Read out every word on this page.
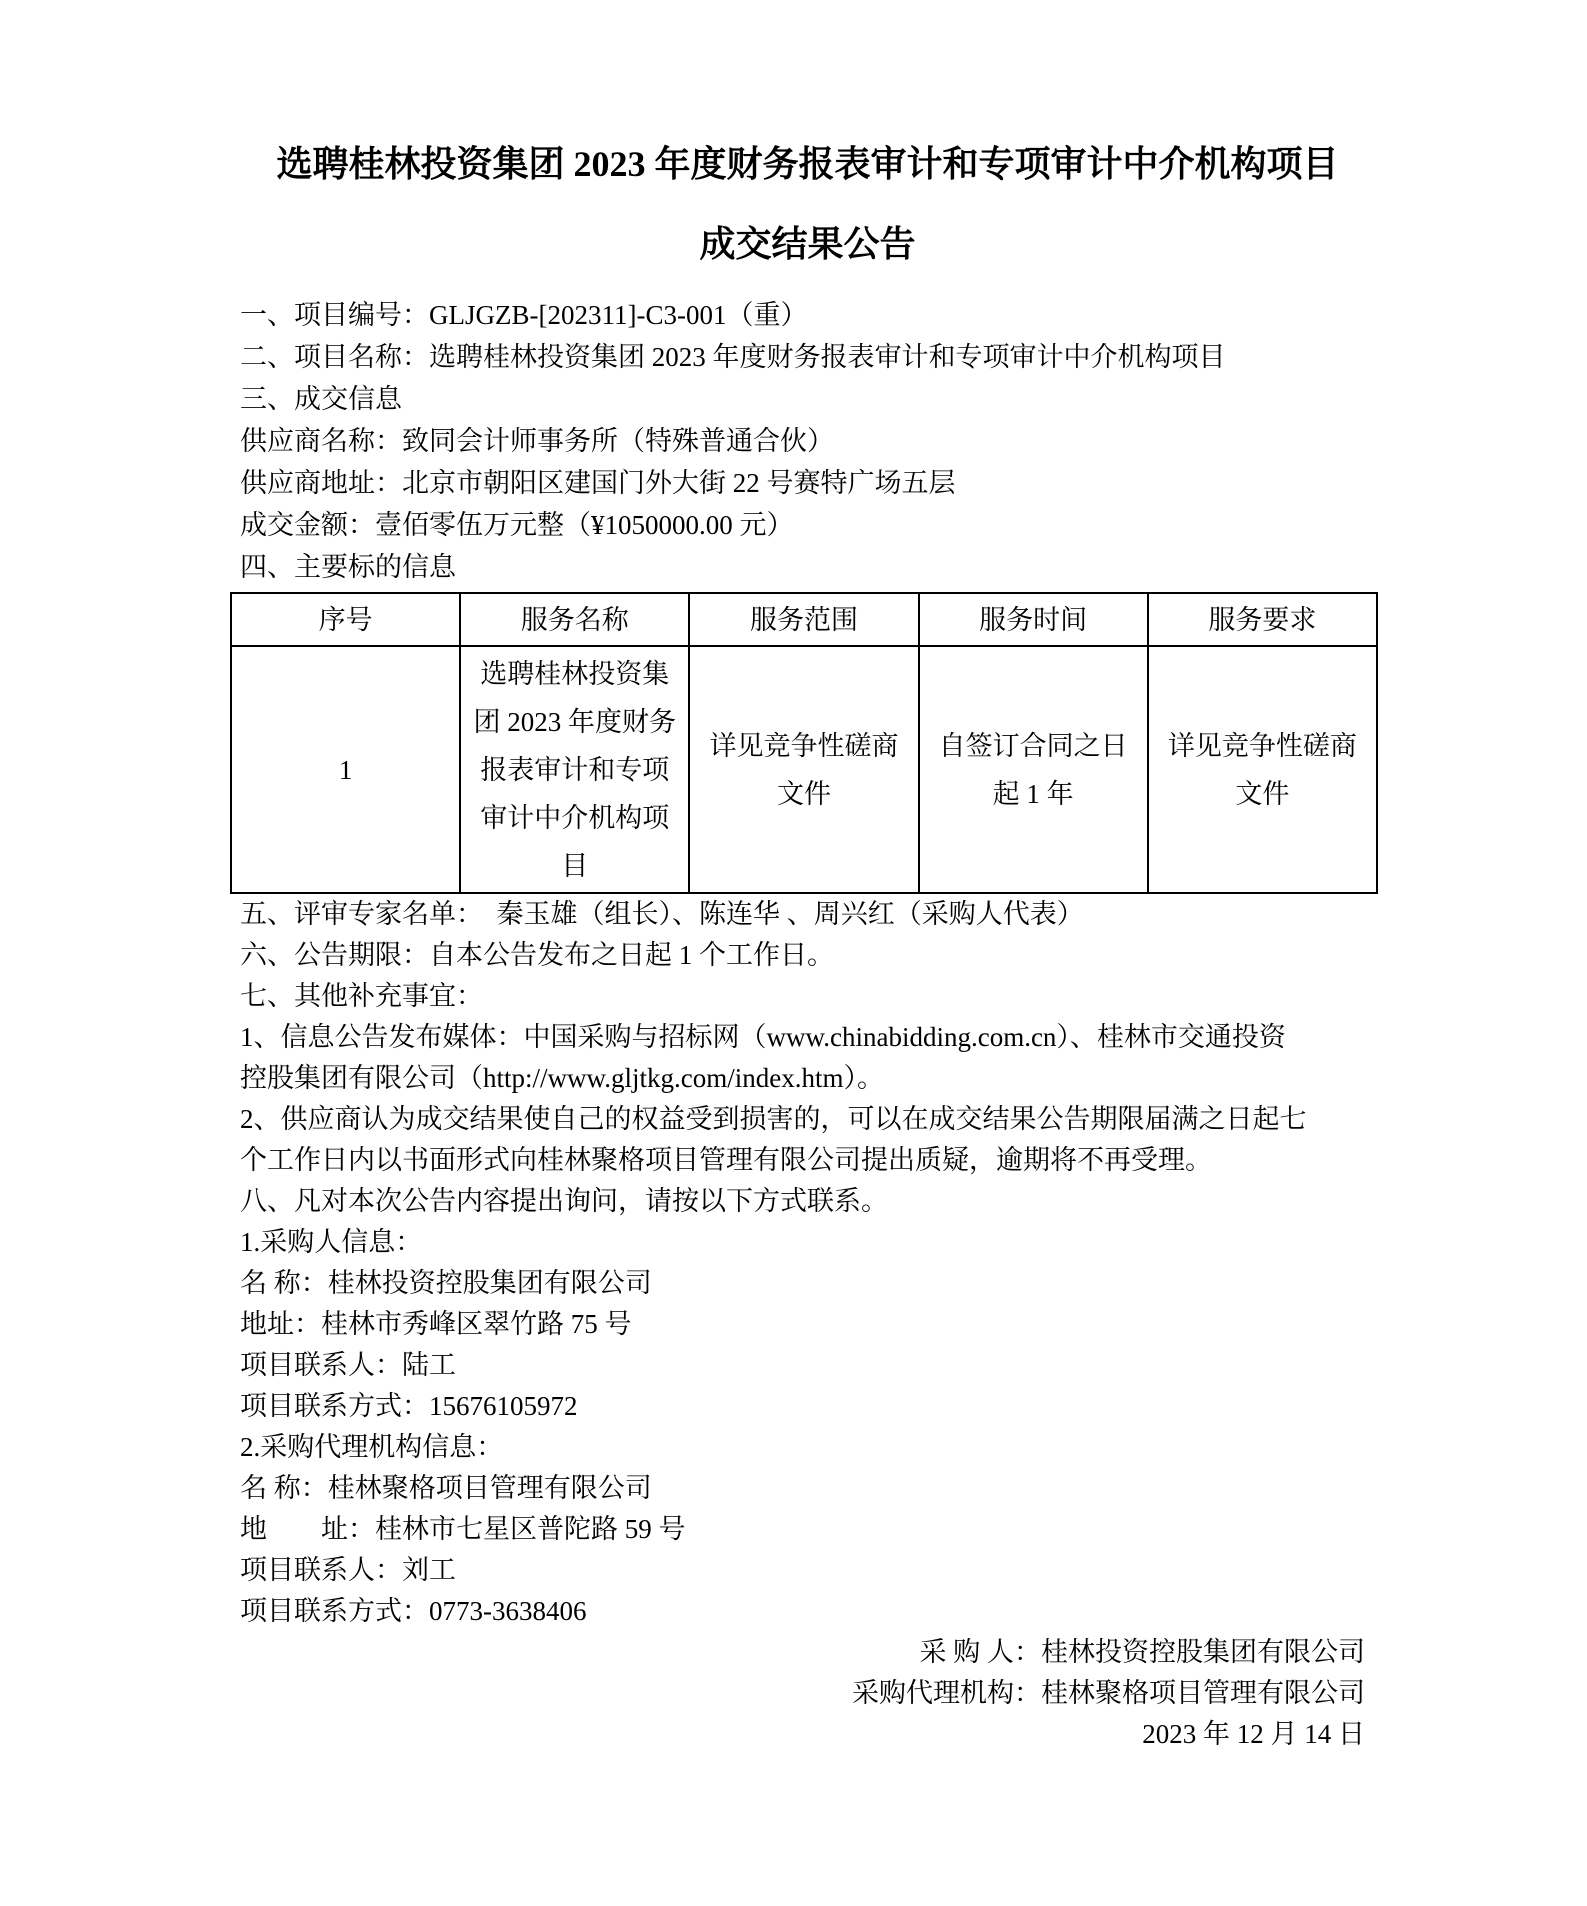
选聘桂林投资集团 2023 年度财务报表审计和专项审计中介机构项目
成交结果公告
一、项目编号：GLJGZB-[202311]-C3-001（重）
二、项目名称：选聘桂林投资集团 2023 年度财务报表审计和专项审计中介机构项目
三、成交信息
供应商名称：致同会计师事务所（特殊普通合伙）
供应商地址：北京市朝阳区建国门外大街 22 号赛特广场五层
成交金额：壹佰零伍万元整（¥1050000.00 元）
四、主要标的信息
序号	服务名称	服务范围	服务时间	服务要求
1	选聘桂林投资集团 2023 年度财务报表审计和专项审计中介机构项目	详见竞争性磋商文件	自签订合同之日起 1 年	详见竞争性磋商文件
五、评审专家名单：  秦玉雄（组长）、陈连华 、周兴红（采购人代表）
六、公告期限：自本公告发布之日起 1 个工作日。
七、其他补充事宜：
1、信息公告发布媒体：中国采购与招标网（www.chinabidding.com.cn）、桂林市交通投资
控股集团有限公司（http://www.gljtkg.com/index.htm）。
2、供应商认为成交结果使自己的权益受到损害的，可以在成交结果公告期限届满之日起七
个工作日内以书面形式向桂林聚格项目管理有限公司提出质疑，逾期将不再受理。
八、凡对本次公告内容提出询问，请按以下方式联系。
1.采购人信息：
名 称：桂林投资控股集团有限公司
地址：桂林市秀峰区翠竹路 75 号
项目联系人：陆工
项目联系方式：15676105972
2.采购代理机构信息：
名 称：桂林聚格项目管理有限公司
地　　址：桂林市七星区普陀路 59 号
项目联系人：刘工
项目联系方式：0773-3638406
采 购 人：桂林投资控股集团有限公司
采购代理机构：桂林聚格项目管理有限公司
2023 年 12 月 14 日
